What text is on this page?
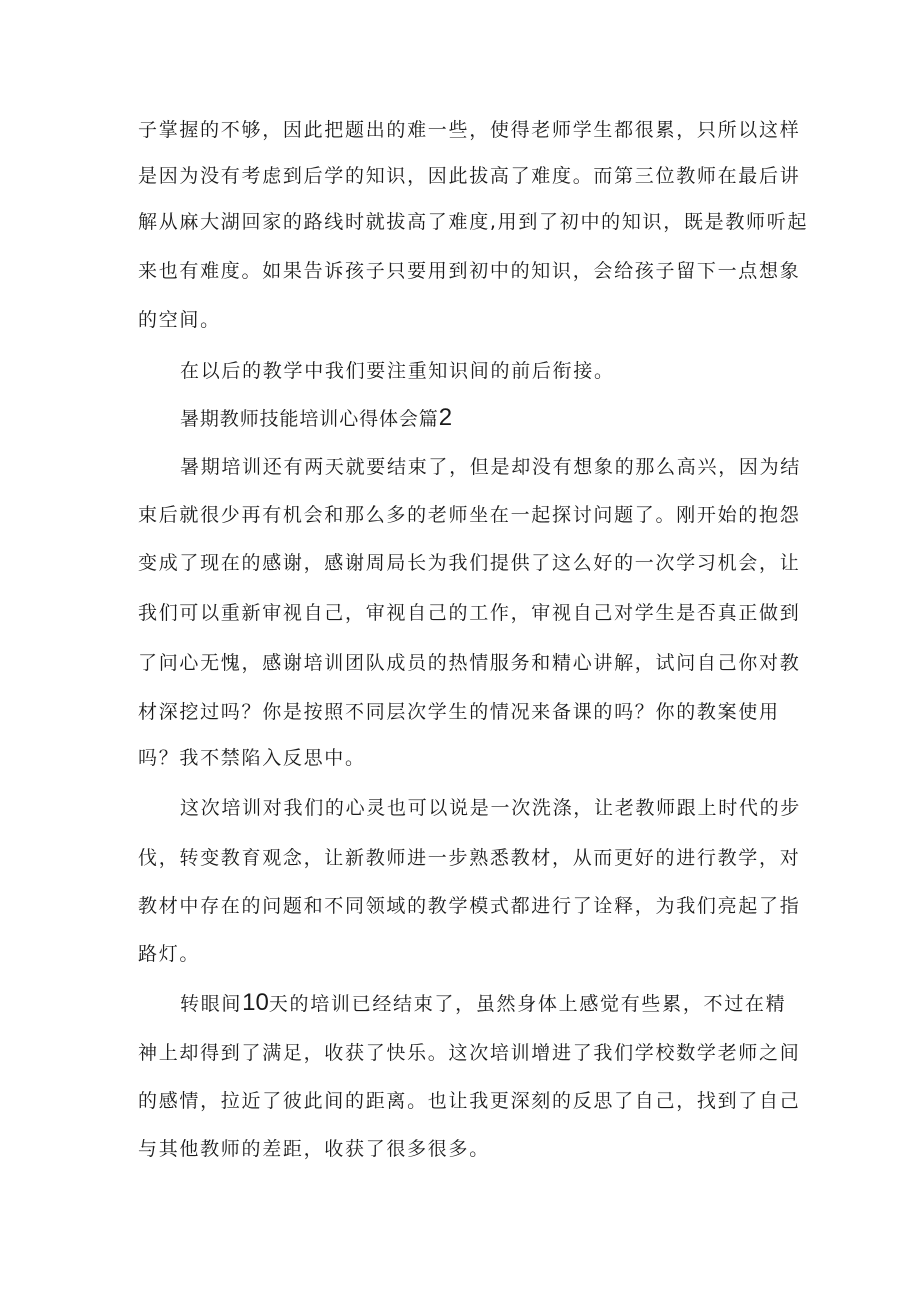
子掌握的不够，因此把题出的难一些，使得老师学生都很累，只所以这样
是因为没有考虑到后学的知识，因此拔高了难度。而第三位教师在最后讲
解从麻大湖回家的路线时就拔高了难度,用到了初中的知识，既是教师听起
来也有难度。如果告诉孩子只要用到初中的知识，会给孩子留下一点想象
的空间。
在以后的教学中我们要注重知识间的前后衔接。
暑期教师技能培训心得体会篇2
暑期培训还有两天就要结束了，但是却没有想象的那么高兴，因为结
束后就很少再有机会和那么多的老师坐在一起探讨问题了。刚开始的抱怨
变成了现在的感谢，感谢周局长为我们提供了这么好的一次学习机会，让
我们可以重新审视自己，审视自己的工作，审视自己对学生是否真正做到
了问心无愧，感谢培训团队成员的热情服务和精心讲解，试问自己你对教
材深挖过吗？你是按照不同层次学生的情况来备课的吗？你的教案使用
吗？我不禁陷入反思中。
这次培训对我们的心灵也可以说是一次洗涤，让老教师跟上时代的步
伐，转变教育观念，让新教师进一步熟悉教材，从而更好的进行教学，对
教材中存在的问题和不同领域的教学模式都进行了诠释，为我们亮起了指
路灯。
转眼间10天的培训已经结束了，虽然身体上感觉有些累，不过在精
神上却得到了满足，收获了快乐。这次培训增进了我们学校数学老师之间
的感情，拉近了彼此间的距离。也让我更深刻的反思了自己，找到了自己
与其他教师的差距，收获了很多很多。
